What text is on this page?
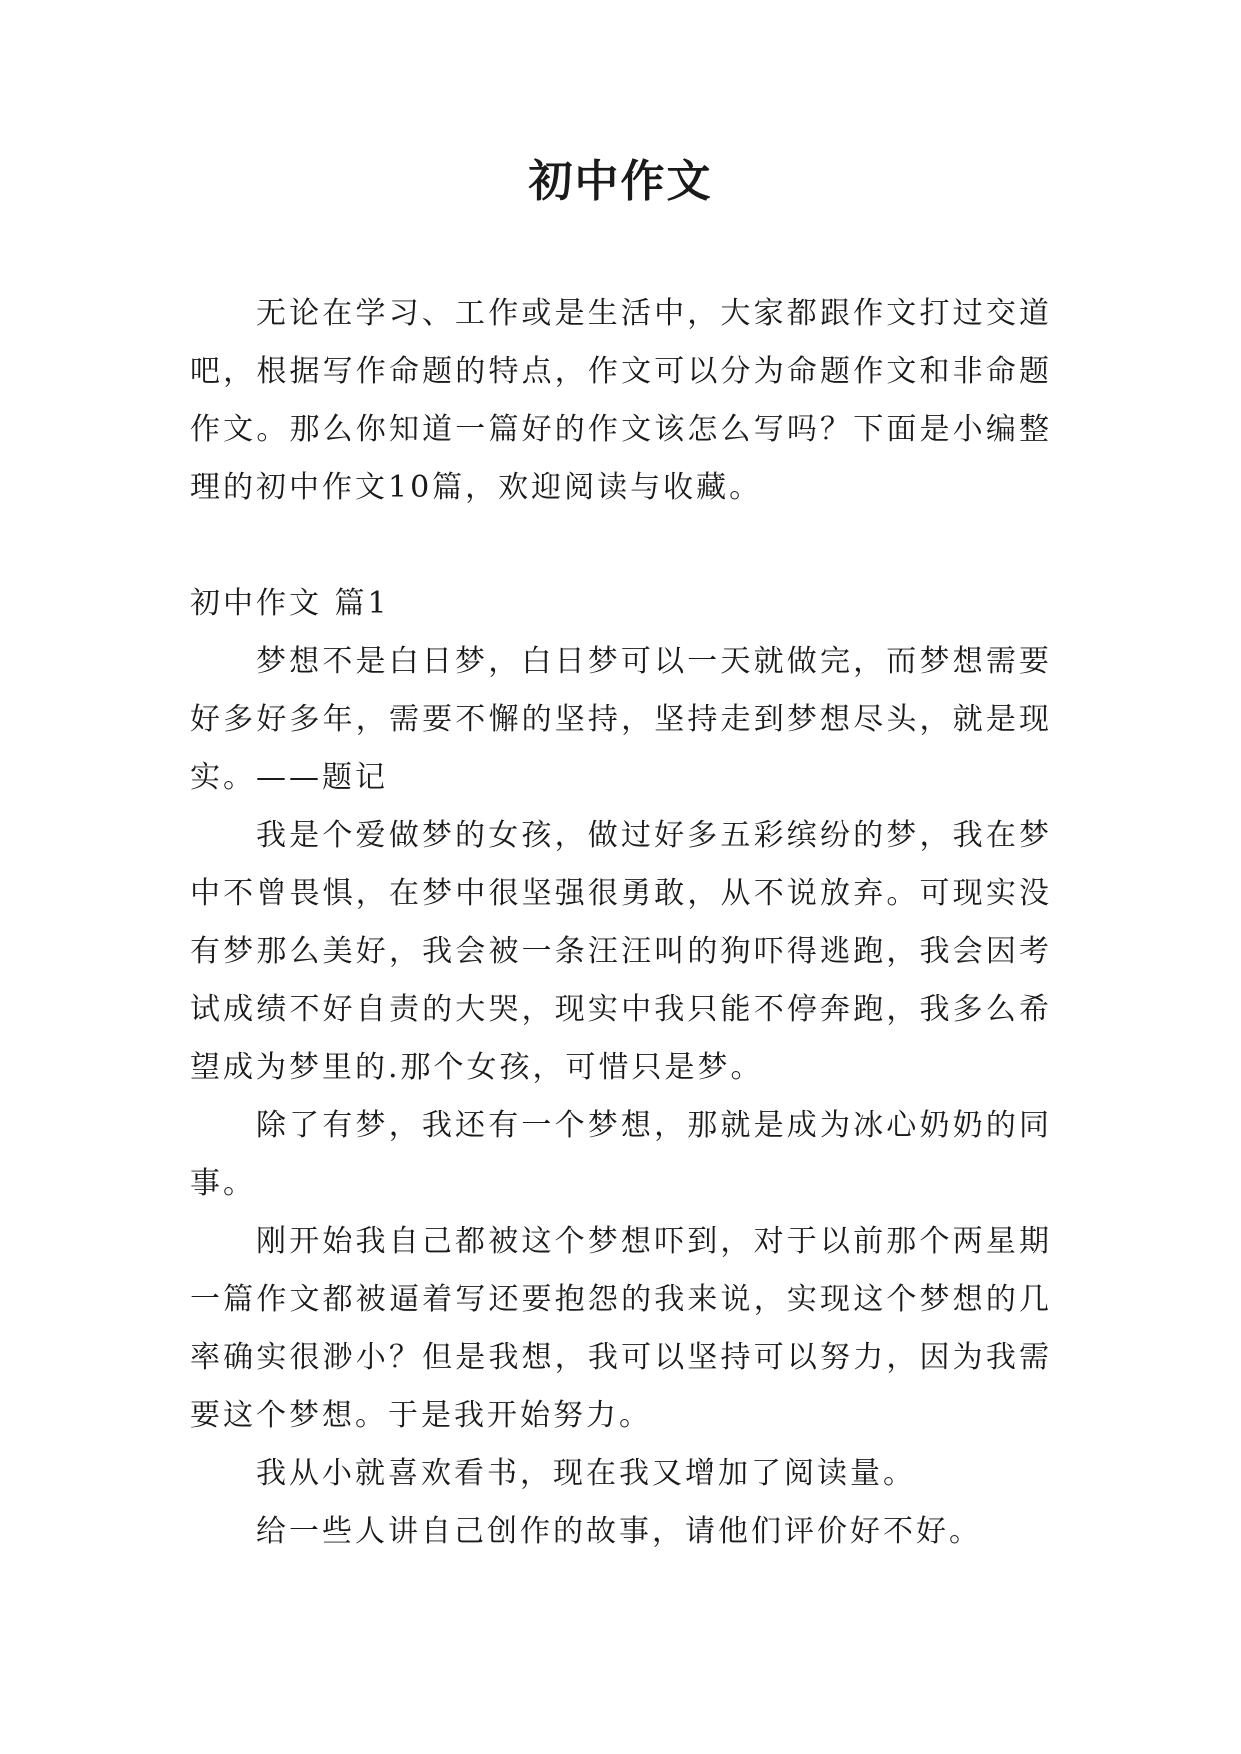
初中作文

无论在学习、工作或是生活中，大家都跟作文打过交道吧，根据写作命题的特点，作文可以分为命题作文和非命题作文。那么你知道一篇好的作文该怎么写吗？下面是小编整理的初中作文10篇，欢迎阅读与收藏。

初中作文 篇1

梦想不是白日梦，白日梦可以一天就做完，而梦想需要好多好多年，需要不懈的坚持，坚持走到梦想尽头，就是现实。——题记

我是个爱做梦的女孩，做过好多五彩缤纷的梦，我在梦中不曾畏惧，在梦中很坚强很勇敢，从不说放弃。可现实没有梦那么美好，我会被一条汪汪叫的狗吓得逃跑，我会因考试成绩不好自责的大哭，现实中我只能不停奔跑，我多么希望成为梦里的.那个女孩，可惜只是梦。

除了有梦，我还有一个梦想，那就是成为冰心奶奶的同事。

刚开始我自己都被这个梦想吓到，对于以前那个两星期一篇作文都被逼着写还要抱怨的我来说，实现这个梦想的几率确实很渺小？但是我想，我可以坚持可以努力，因为我需要这个梦想。于是我开始努力。

我从小就喜欢看书，现在我又增加了阅读量。

给一些人讲自己创作的故事，请他们评价好不好。
